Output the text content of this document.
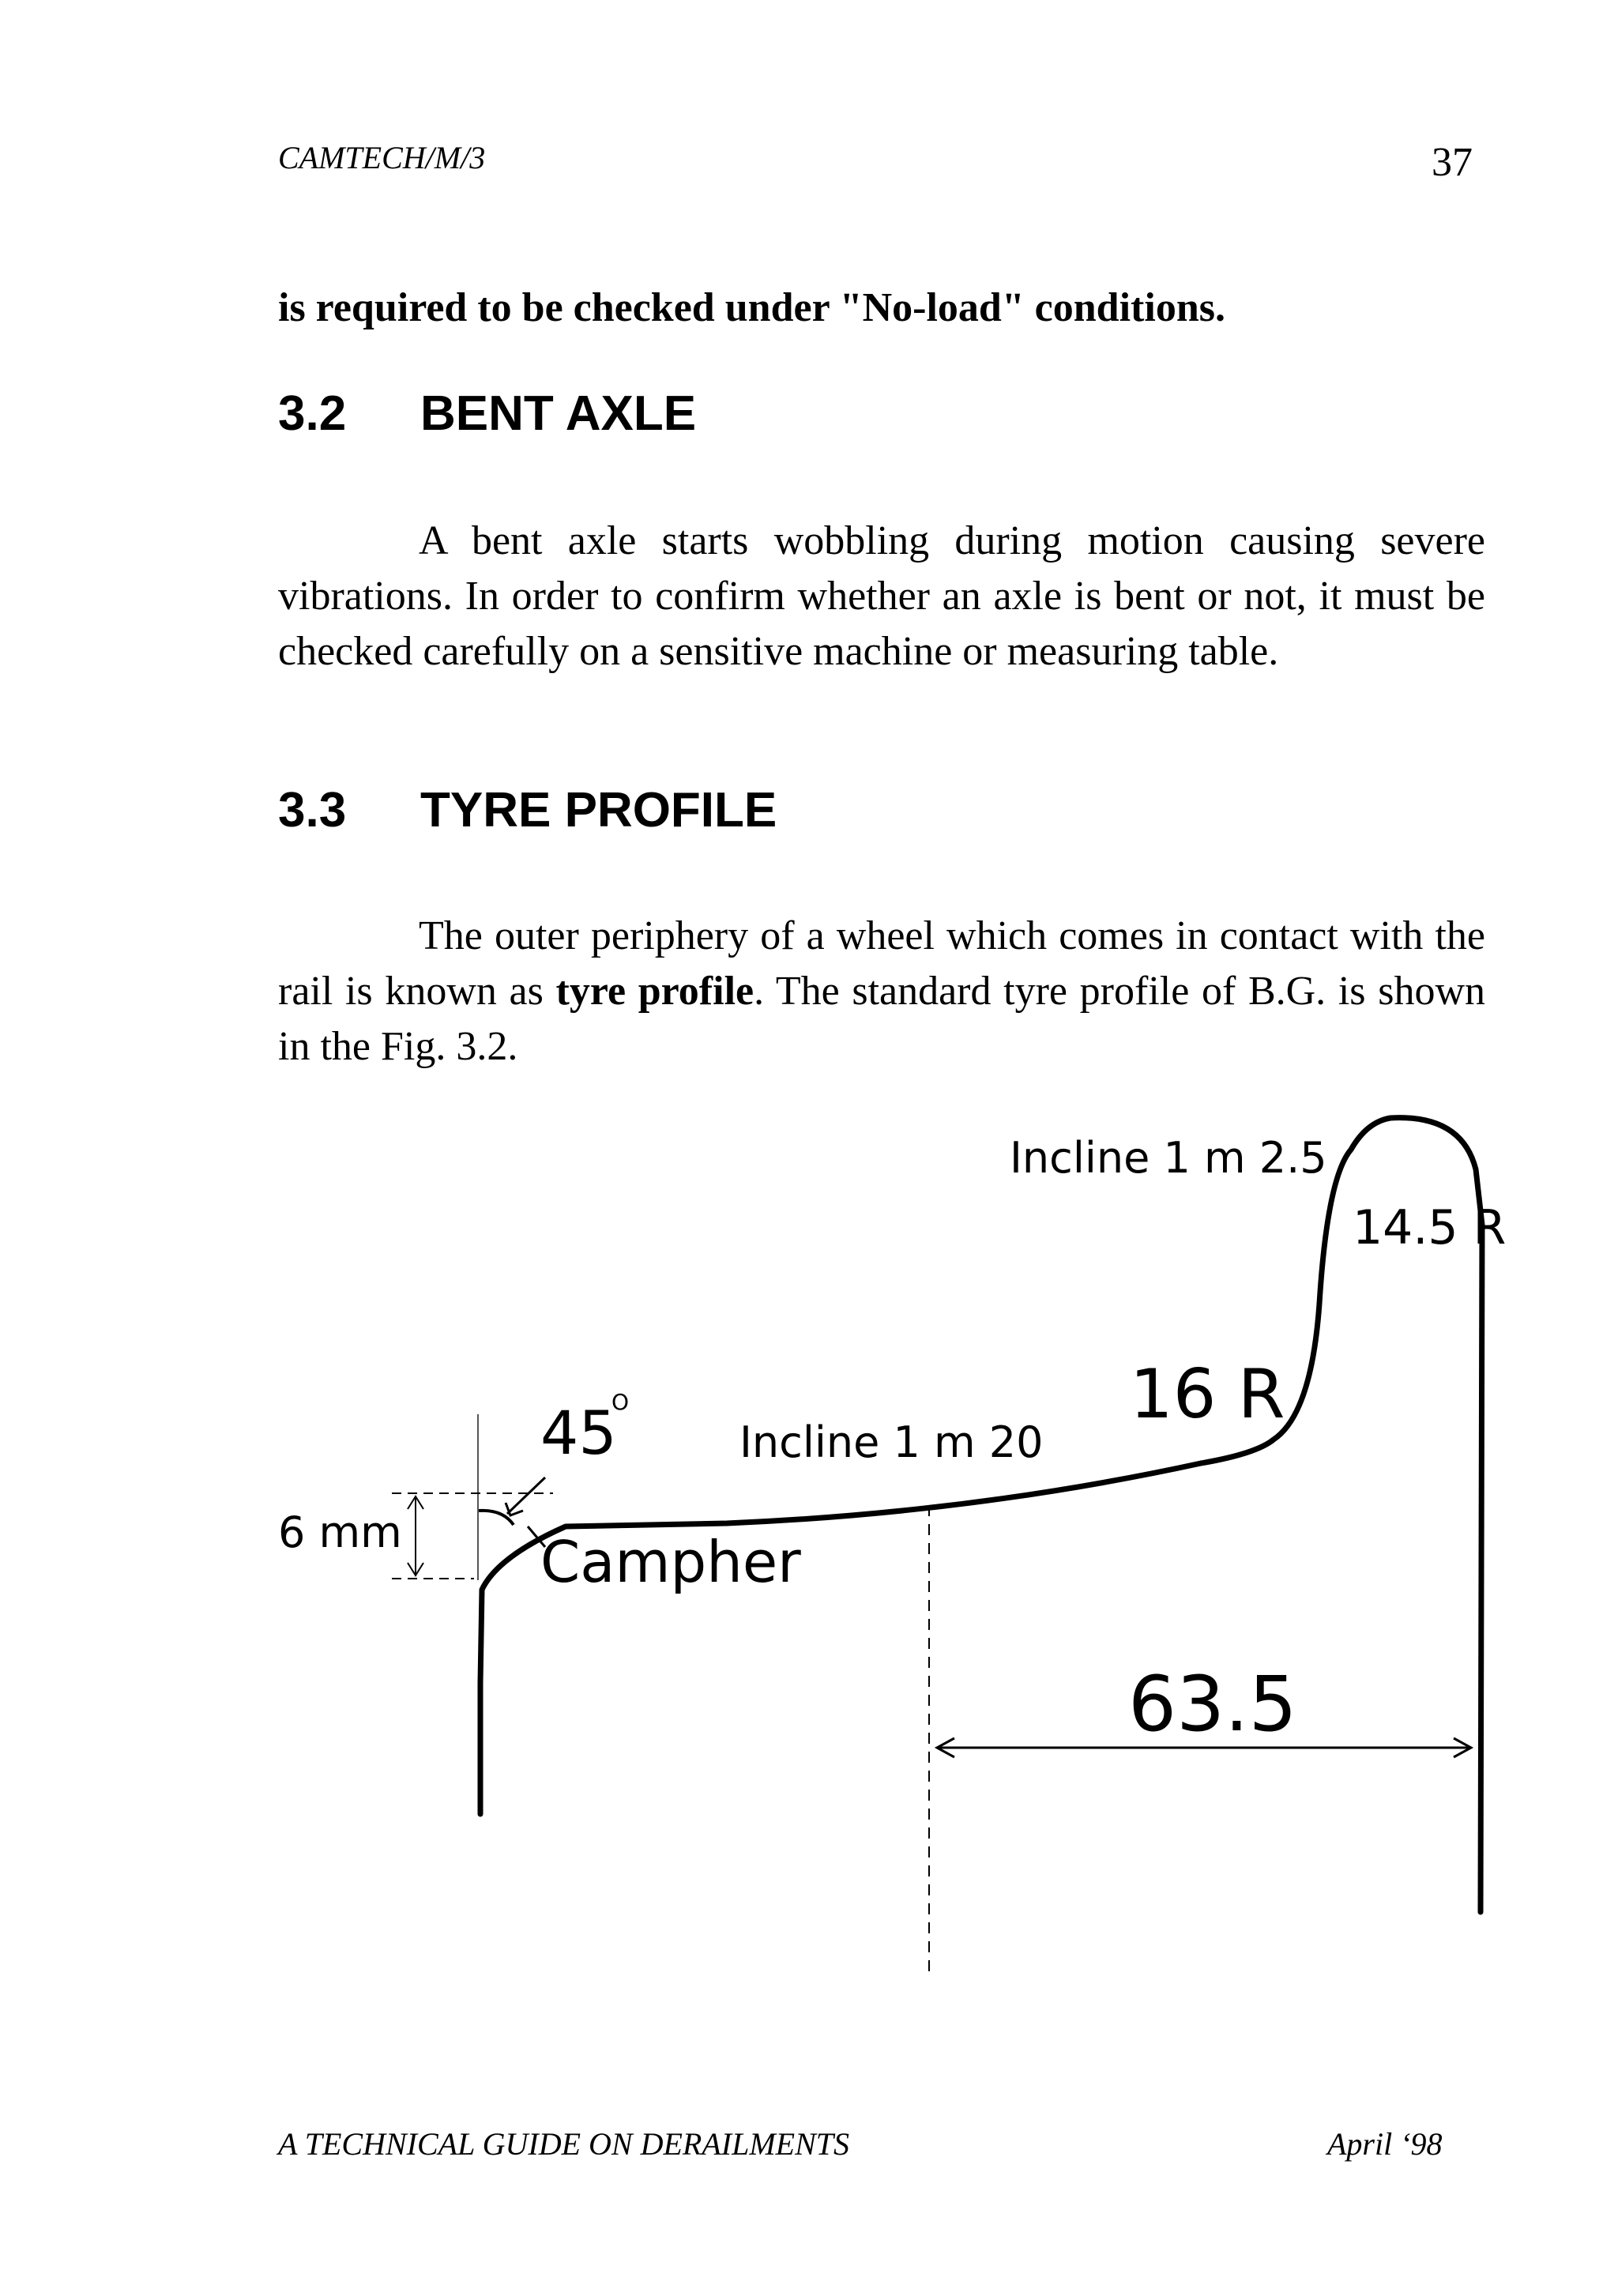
CAMTECH/M/3	37
is required to be checked under "No-load" conditions.
3.2 BENT AXLE
A bent axle starts wobbling during motion causing severe vibrations. In order to confirm whether an axle is bent or not, it must be checked carefully on a sensitive machine or measuring table.
3.3 TYRE PROFILE
The outer periphery of a wheel which comes in contact with the rail is known as tyre profile. The standard tyre profile of B.G. is shown in the Fig. 3.2.
Incline 1 m 2.5
14.5 R
16 R
45
O
Incline 1 m 20
6 mm Campher
63.5
A TECHNICAL GUIDE ON DERAILMENTS	April ‘98
